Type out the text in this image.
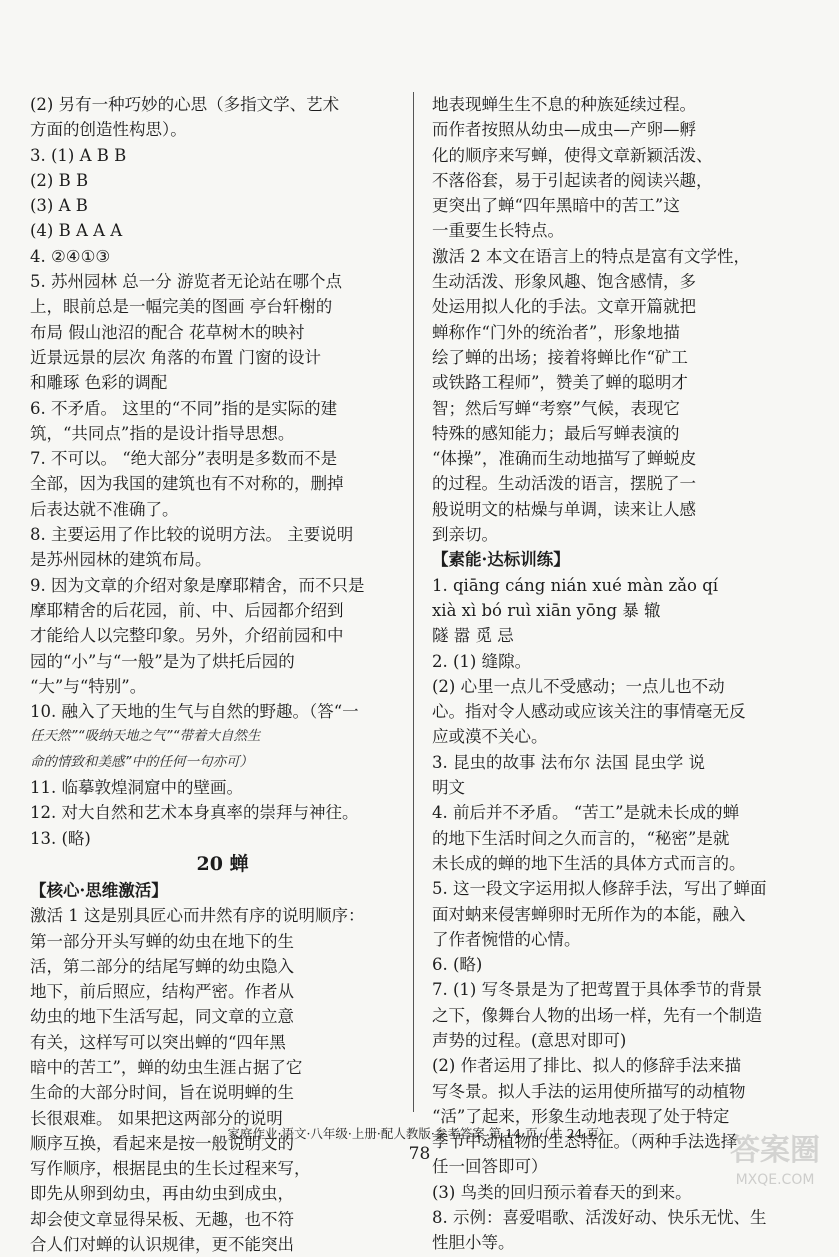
(2) 另有一种巧妙的心思（多指文学、艺术
方面的创造性构思）。
3. (1) A B B
(2) B B
(3) A B
(4) B A A A
4. ②④①③
5. 苏州园林 总一分 游览者无论站在哪个点
上，眼前总是一幅完美的图画 亭台轩榭的
布局 假山池沼的配合 花草树木的映衬
近景远景的层次 角落的布置 门窗的设计
和雕琢 色彩的调配
6. 不矛盾。 这里的“不同”指的是实际的建
筑，“共同点”指的是设计指导思想。
7. 不可以。 “绝大部分”表明是多数而不是
全部，因为我国的建筑也有不对称的，删掉
后表达就不准确了。
8. 主要运用了作比较的说明方法。 主要说明
是苏州园林的建筑布局。
9. 因为文章的介绍对象是摩耶精舍，而不只是
摩耶精舍的后花园，前、中、后园都介绍到
才能给人以完整印象。另外，介绍前园和中
园的“小”与“一般”是为了烘托后园的
“大”与“特别”。
10. 融入了天地的生气与自然的野趣。（答“一
任天然”“吸纳天地之气”“带着大自然生
命的情致和美感”中的任何一句亦可）
11. 临摹敦煌洞窟中的壁画。
12. 对大自然和艺术本身真率的崇拜与神往。
13. (略)
20 蝉
【核心·思维激活】
激活 1 这是别具匠心而井然有序的说明顺序：
第一部分开头写蝉的幼虫在地下的生
活，第二部分的结尾写蝉的幼虫隐入
地下，前后照应，结构严密。作者从
幼虫的地下生活写起，同文章的立意
有关，这样写可以突出蝉的“四年黑
暗中的苦工”，蝉的幼虫生涯占据了它
生命的大部分时间，旨在说明蝉的生
长很艰难。 如果把这两部分的说明
顺序互换，看起来是按一般说明文的
写作顺序，根据昆虫的生长过程来写，
即先从卵到幼虫，再由幼虫到成虫，
却会使文章显得呆板、无趣，也不符
合人们对蝉的认识规律，更不能突出
地表现蝉生生不息的种族延续过程。
而作者按照从幼虫—成虫—产卵—孵
化的顺序来写蝉，使得文章新颖活泼、
不落俗套，易于引起读者的阅读兴趣，
更突出了蝉“四年黑暗中的苦工”这
一重要生长特点。
激活 2 本文在语言上的特点是富有文学性，
生动活泼、形象风趣、饱含感情，多
处运用拟人化的手法。文章开篇就把
蝉称作“门外的统治者”，形象地描
绘了蝉的出场；接着将蝉比作“矿工
或铁路工程师”，赞美了蝉的聪明才
智；然后写蝉“考察”气候，表现它
特殊的感知能力；最后写蝉表演的
“体操”，准确而生动地描写了蝉蜕皮
的过程。生动活泼的语言，摆脱了一
般说明文的枯燥与单调，读来让人感
到亲切。
【素能·达标训练】
1. qiāng cáng nián xué màn zǎo qí
xià xì bó ruì xiān yōng 暴 辙
隧 嚣 觅 忌
2. (1) 缝隙。
(2) 心里一点儿不受感动；一点儿也不动
心。指对令人感动或应该关注的事情毫无反
应或漠不关心。
3. 昆虫的故事 法布尔 法国 昆虫学 说
明文
4. 前后并不矛盾。 “苦工”是就未长成的蝉
的地下生活时间之久而言的，“秘密”是就
未长成的蝉的地下生活的具体方式而言的。
5. 这一段文字运用拟人修辞手法，写出了蝉面
面对蚋来侵害蝉卵时无所作为的本能，融入
了作者惋惜的心情。
6. (略)
7. (1) 写冬景是为了把莺置于具体季节的背景
之下，像舞台人物的出场一样，先有一个制造
声势的过程。(意思对即可)
(2) 作者运用了排比、拟人的修辞手法来描
写冬景。拟人手法的运用使所描写的动植物
“活”了起来，形象生动地表现了处于特定
季节中动植物的生态特征。（两种手法选择
任一回答即可）
(3) 鸟类的回归预示着春天的到来。
8. 示例：喜爱唱歌、活泼好动、快乐无忧、生
性胆小等。
家庭作业·语文·八年级·上册·配人教版·参考答案 第 14 页（共 24 页）
78	答案圈
MXQE.COM
